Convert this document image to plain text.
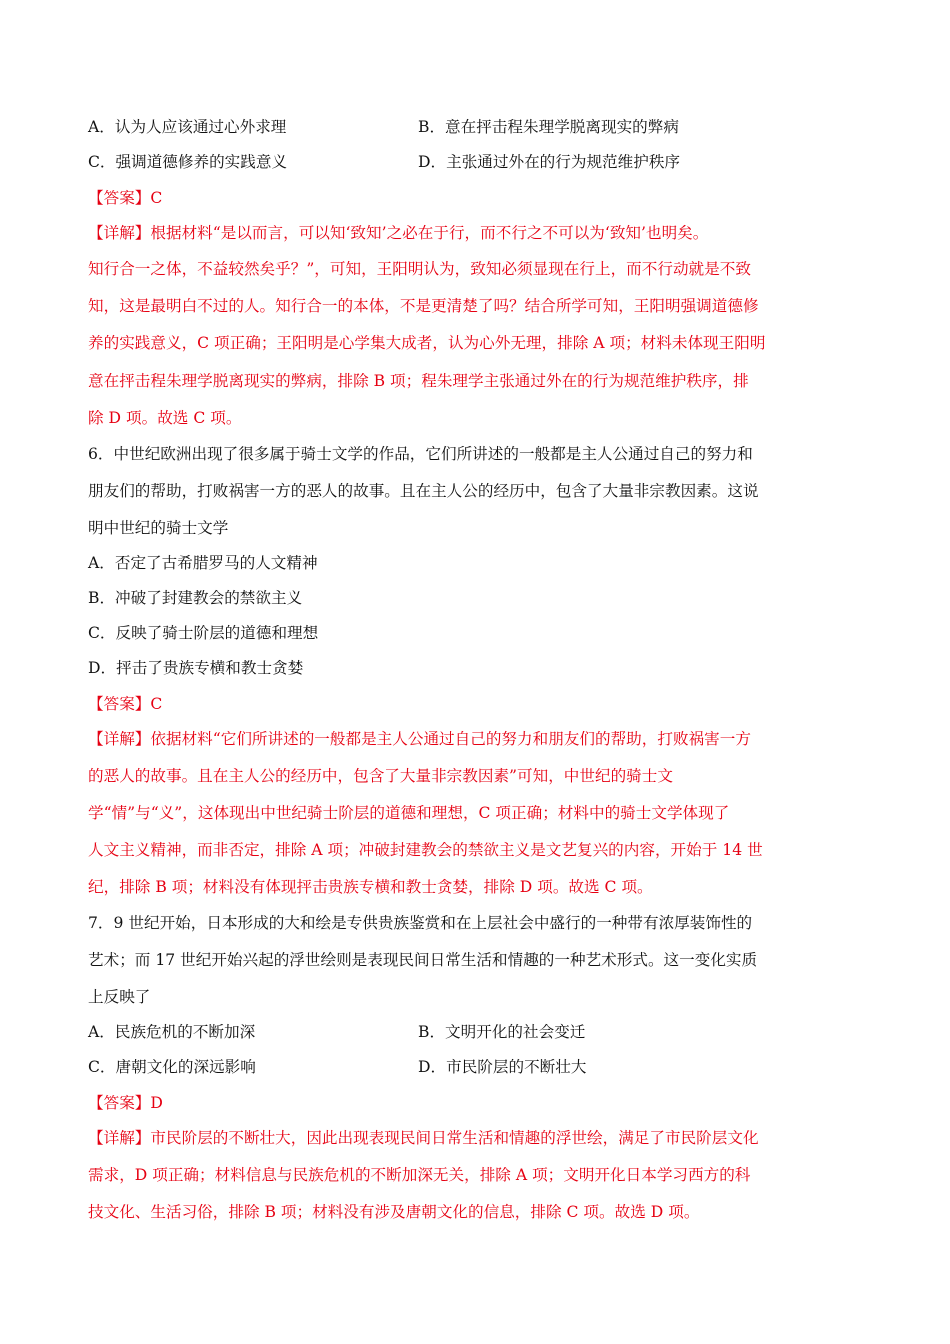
A．认为人应该通过心外求理	B．意在抨击程朱理学脱离现实的弊病
C．强调道德修养的实践意义	D．主张通过外在的行为规范维护秩序
【答案】C
【详解】根据材料“是以而言，可以知‘致知’之必在于行，而不行之不可以为‘致知’也明矣。
知行合一之体，不益较然矣乎？”，可知，王阳明认为，致知必须显现在行上，而不行动就是不致
知，这是最明白不过的人。知行合一的本体，不是更清楚了吗？结合所学可知，王阳明强调道德修
养的实践意义，C 项正确；王阳明是心学集大成者，认为心外无理，排除 A 项；材料未体现王阳明
意在抨击程朱理学脱离现实的弊病，排除 B 项；程朱理学主张通过外在的行为规范维护秩序，排
除 D 项。故选 C 项。
6．中世纪欧洲出现了很多属于骑士文学的作品，它们所讲述的一般都是主人公通过自己的努力和
朋友们的帮助，打败祸害一方的恶人的故事。且在主人公的经历中，包含了大量非宗教因素。这说
明中世纪的骑士文学
A．否定了古希腊罗马的人文精神
B．冲破了封建教会的禁欲主义
C．反映了骑士阶层的道德和理想
D．抨击了贵族专横和教士贪婪
【答案】C
【详解】依据材料“它们所讲述的一般都是主人公通过自己的努力和朋友们的帮助，打败祸害一方
的恶人的故事。且在主人公的经历中，包含了大量非宗教因素”可知，中世纪的骑士文
学“情”与“义”，这体现出中世纪骑士阶层的道德和理想，C 项正确；材料中的骑士文学体现了
人文主义精神，而非否定，排除 A 项；冲破封建教会的禁欲主义是文艺复兴的内容，开始于 14 世
纪，排除 B 项；材料没有体现抨击贵族专横和教士贪婪，排除 D 项。故选 C 项。
7．9 世纪开始，日本形成的大和绘是专供贵族鉴赏和在上层社会中盛行的一种带有浓厚装饰性的
艺术；而 17 世纪开始兴起的浮世绘则是表现民间日常生活和情趣的一种艺术形式。这一变化实质
上反映了
A．民族危机的不断加深	B．文明开化的社会变迁
C．唐朝文化的深远影响	D．市民阶层的不断壮大
【答案】D
【详解】市民阶层的不断壮大，因此出现表现民间日常生活和情趣的浮世绘，满足了市民阶层文化
需求，D 项正确；材料信息与民族危机的不断加深无关，排除 A 项；文明开化日本学习西方的科
技文化、生活习俗，排除 B 项；材料没有涉及唐朝文化的信息，排除 C 项。故选 D 项。
